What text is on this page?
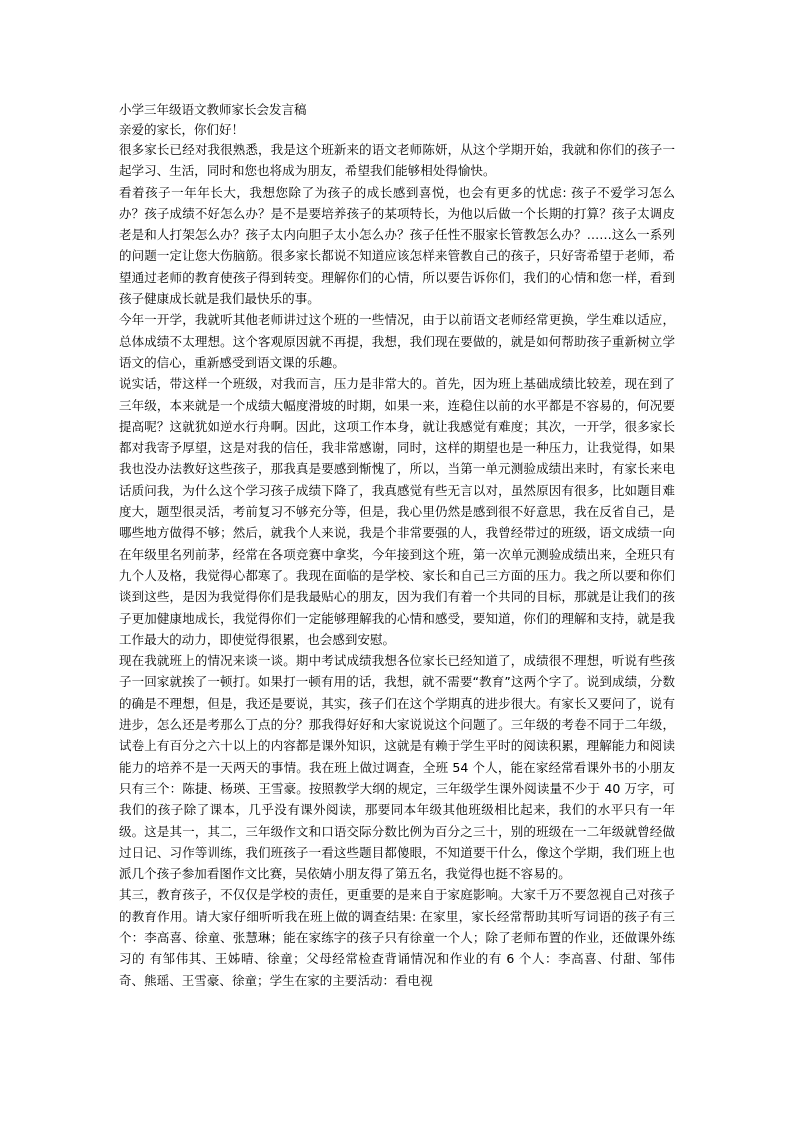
小学三年级语文教师家长会发言稿
亲爱的家长，你们好！

很多家长已经对我很熟悉，我是这个班新来的语文老师陈妍，从这个学期开始，我就和你们的孩子一起学习、生活，同时和您也将成为朋友，希望我们能够相处得愉快。

看着孩子一年年长大，我想您除了为孩子的成长感到喜悦，也会有更多的忧虑: 孩子不爱学习怎么办？孩子成绩不好怎么办？是不是要培养孩子的某项特长，为他以后做一个长期的打算？孩子太调皮老是和人打架怎么办？孩子太内向胆子太小怎么办？孩子任性不服家长管教怎么办？……这么一系列的问题一定让您大伤脑筋。很多家长都说不知道应该怎样来管教自己的孩子，只好寄希望于老师，希望通过老师的教育使孩子得到转变。理解你们的心情，所以要告诉你们，我们的心情和您一样，看到孩子健康成长就是我们最快乐的事。

今年一开学，我就听其他老师讲过这个班的一些情况，由于以前语文老师经常更换，学生难以适应，总体成绩不太理想。这个客观原因就不再提，我想，我们现在要做的，就是如何帮助孩子重新树立学语文的信心，重新感受到语文课的乐趣。

说实话，带这样一个班级，对我而言，压力是非常大的。首先，因为班上基础成绩比较差，现在到了三年级，本来就是一个成绩大幅度滑坡的时期，如果一来，连稳住以前的水平都是不容易的，何况要提高呢？这就犹如逆水行舟啊。因此，这项工作本身，就让我感觉有难度；其次，一开学，很多家长都对我寄予厚望，这是对我的信任，我非常感谢，同时，这样的期望也是一种压力，让我觉得，如果我也没办法教好这些孩子，那我真是要感到惭愧了，所以，当第一单元测验成绩出来时，有家长来电话质问我，为什么这个学习孩子成绩下降了，我真感觉有些无言以对，虽然原因有很多，比如题目难度大，题型很灵活，考前复习不够充分等，但是，我心里仍然是感到很不好意思，我在反省自己，是哪些地方做得不够；然后，就我个人来说，我是个非常要强的人，我曾经带过的班级，语文成绩一向在年级里名列前茅，经常在各项竞赛中拿奖，今年接到这个班，第一次单元测验成绩出来，全班只有九个人及格，我觉得心都寒了。我现在面临的是学校、家长和自己三方面的压力。我之所以要和你们谈到这些，是因为我觉得你们是我最贴心的朋友，因为我们有着一个共同的目标，那就是让我们的孩子更加健康地成长，我觉得你们一定能够理解我的心情和感受，要知道，你们的理解和支持，就是我工作最大的动力，即使觉得很累，也会感到安慰。

现在我就班上的情况来谈一谈。期中考试成绩我想各位家长已经知道了，成绩很不理想，听说有些孩子一回家就挨了一顿打。如果打一顿有用的话，我想，就不需要“教育”这两个字了。说到成绩，分数的确是不理想，但是，我还是要说，其实，孩子们在这个学期真的进步很大。有家长又要问了，说有进步，怎么还是考那么丁点的分？那我得好好和大家说说这个问题了。三年级的考卷不同于二年级，试卷上有百分之六十以上的内容都是课外知识，这就是有赖于学生平时的阅读积累，理解能力和阅读能力的培养不是一天两天的事情。我在班上做过调查，全班 54 个人，能在家经常看课外书的小朋友只有三个：陈捷、杨瑛、王雪豪。按照教学大纲的规定，三年级学生课外阅读量不少于 40 万字，可我们的孩子除了课本，几乎没有课外阅读，那要同本年级其他班级相比起来，我们的水平只有一年级。这是其一，其二，三年级作文和口语交际分数比例为百分之三十，别的班级在一二年级就曾经做过日记、习作等训练，我们班孩子一看这些题目都傻眼，不知道要干什么，像这个学期，我们班上也派几个孩子参加看图作文比赛，吴依婧小朋友得了第五名，我觉得也挺不容易的。

其三，教育孩子，不仅仅是学校的责任，更重要的是来自于家庭影响。大家千万不要忽视自己对孩子的教育作用。请大家仔细听听我在班上做的调查结果: 在家里，家长经常帮助其听写词语的孩子有三个：李高喜、徐童、张慧琳；能在家练字的孩子只有徐童一个人；除了老师布置的作业，还做课外练习的 有邹伟其、王姊晴、徐童；父母经常检查背诵情况和作业的有 6 个人：李高喜、付甜、邹伟奇、熊瑶、王雪豪、徐童；学生在家的主要活动：看电视
